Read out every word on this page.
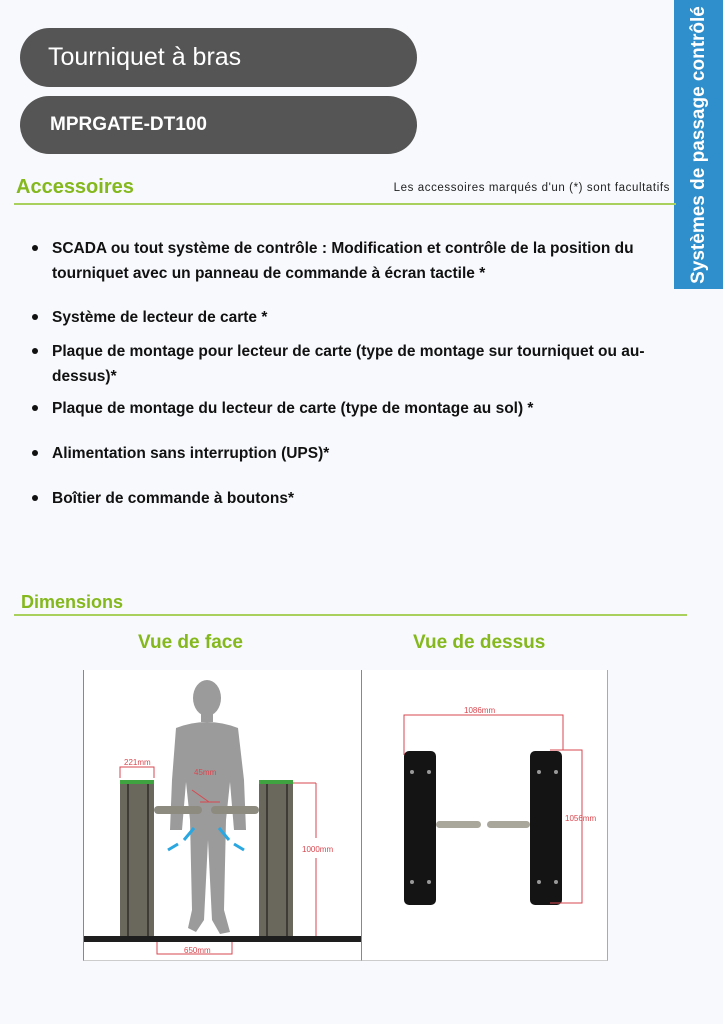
Tourniquet à bras
MPRGATE-DT100	Systèmes de passage contrôlé
Accessoires	Les accessoires marqués d'un (*) sont facultatifs
SCADA ou tout système de contrôle : Modification et contrôle de la position du tourniquet avec un panneau de commande à écran tactile *
Système de lecteur de carte *
Plaque de montage pour lecteur de carte (type de montage sur tourniquet ou au-dessus)*
Plaque de montage du lecteur de carte (type de montage au sol) *
Alimentation sans interruption (UPS)*
Boîtier de commande à boutons*
Dimensions
Vue de face	Vue de dessus
221mm
45mm
1000mm
650mm
1086mm
1056mm
